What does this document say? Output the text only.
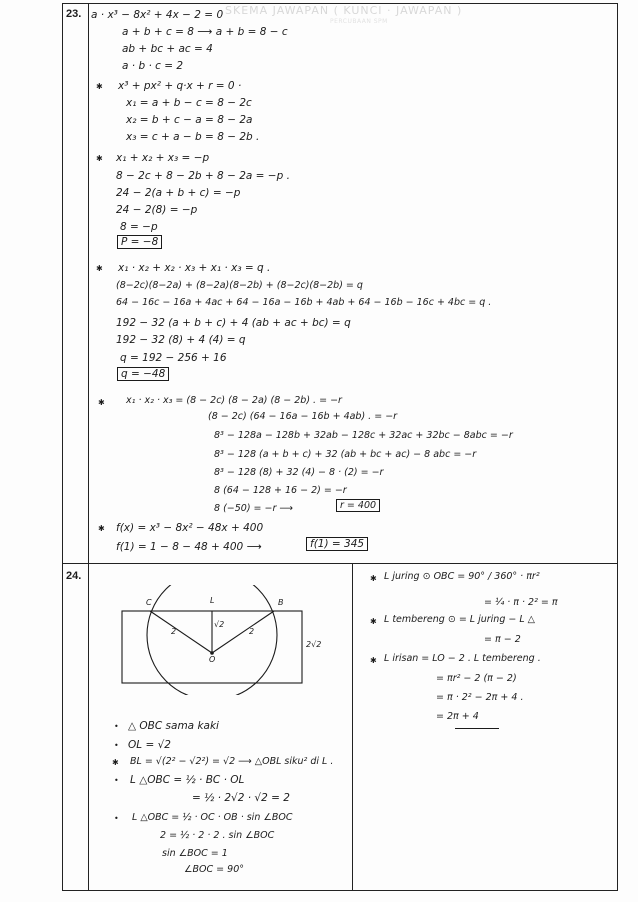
SKEMA JAWAPAN ( KUNCI · JAWAPAN )
PERCUBAAN SPM
23.
24.
a · x³ − 8x² + 4x − 2 = 0
a + b + c = 8 ⟶ a + b = 8 − c
ab + bc + ac = 4
a · b · c = 2
✱ x³ + px² + q·x + r = 0 ·
x₁ = a + b − c = 8 − 2c
x₂ = b + c − a = 8 − 2a
x₃ = c + a − b = 8 − 2b .
✱ x₁ + x₂ + x₃ = −p
8 − 2c + 8 − 2b + 8 − 2a = −p .
24 − 2(a + b + c) = −p
24 − 2(8) = −p
8 = −p
P = −8
✱ x₁ · x₂ + x₂ · x₃ + x₁ · x₃ = q .
(8−2c)(8−2a) + (8−2a)(8−2b) + (8−2c)(8−2b) = q
64 − 16c − 16a + 4ac + 64 − 16a − 16b + 4ab + 64 − 16b − 16c + 4bc = q .
192 − 32 (a + b + c) + 4 (ab + ac + bc) = q
192 − 32 (8) + 4 (4) = q
q = 192 − 256 + 16
q = −48
✱ x₁ · x₂ · x₃ = (8 − 2c) (8 − 2a) (8 − 2b) . = −r
(8 − 2c) (64 − 16a − 16b + 4ab) . = −r
8³ − 128a − 128b + 32ab − 128c + 32ac + 32bc − 8abc = −r
8³ − 128 (a + b + c) + 32 (ab + bc + ac) − 8 abc = −r
8³ − 128 (8) + 32 (4) − 8 · (2) = −r
8 (64 − 128 + 16 − 2) = −r
8 (−50) = −r ⟶	r = 400
✱ f(x) = x³ − 8x² − 48x + 400
f(1) = 1 − 8 − 48 + 400 ⟶	f(1) = 345
C	L	B
O
2	2
√2
2√2
• △ OBC sama kaki
• OL = √2
✱ BL = √(2² − √2²) = √2 ⟶ △OBL siku² di L .
• L △OBC = ½ · BC · OL
= ½ · 2√2 · √2 = 2
• L △OBC = ½ · OC · OB · sin ∠BOC
2 = ½ · 2 · 2 . sin ∠BOC
sin ∠BOC = 1
∠BOC = 90°
✱ L juring ⊙ OBC = 90° / 360° · πr²
= ¼ · π · 2² = π
✱ L tembereng ⊙ = L juring − L △
= π − 2
✱ L irisan = LO − 2 . L tembereng .
= πr² − 2 (π − 2)
= π · 2² − 2π + 4 .
= 2π + 4
